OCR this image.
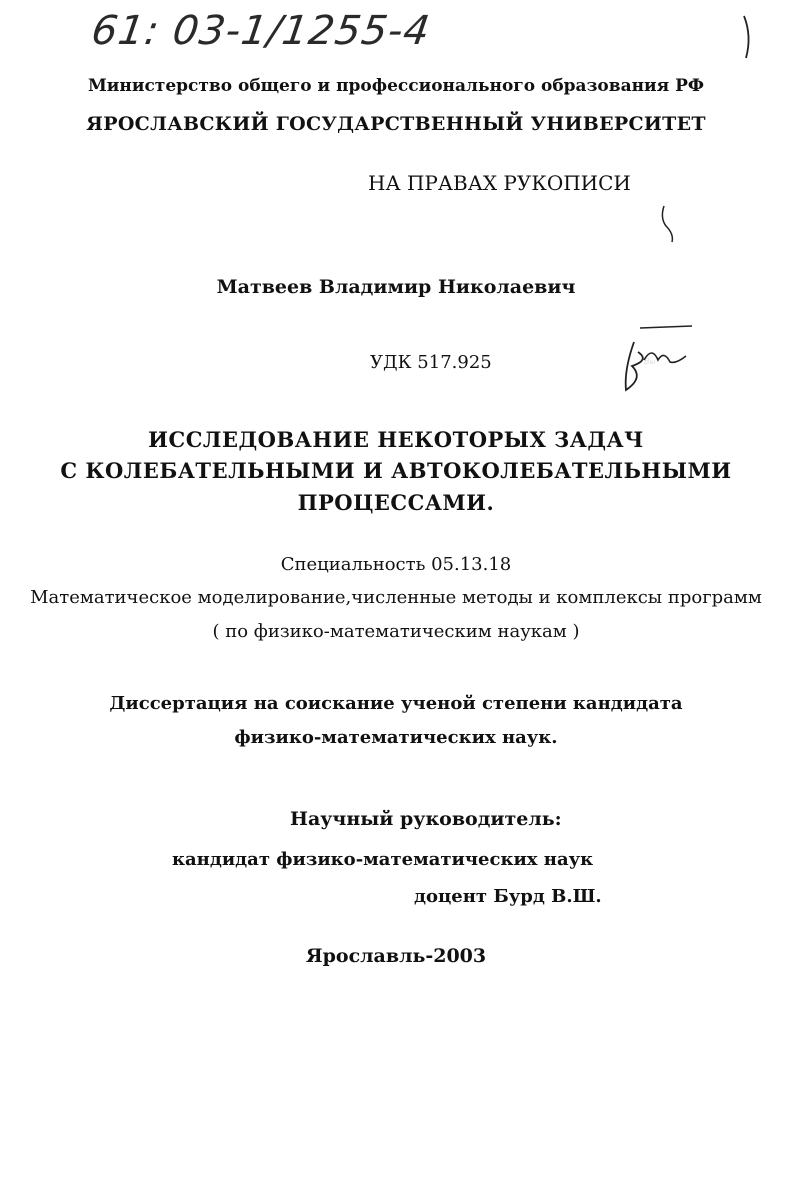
61: 03-1/1255-4
Министерство общего и профессионального образования РФ
ЯРОСЛАВСКИЙ ГОСУДАРСТВЕННЫЙ УНИВЕРСИТЕТ
НА ПРАВАХ РУКОПИСИ
Матвеев Владимир Николаевич
УДК 517.925	Вы
ИССЛЕДОВАНИЕ НЕКОТОРЫХ ЗАДАЧ
С КОЛЕБАТЕЛЬНЫМИ И АВТОКОЛЕБАТЕЛЬНЫМИ
ПРОЦЕССАМИ.
Специальность 05.13.18
Математическое моделирование,численные методы и комплексы программ
( по физико-математическим наукам )
Диссертация на соискание ученой степени кандидата
физико-математических наук.
Научный руководитель:
кандидат физико-математических наук
доцент Бурд В.Ш.
Ярославль-2003
